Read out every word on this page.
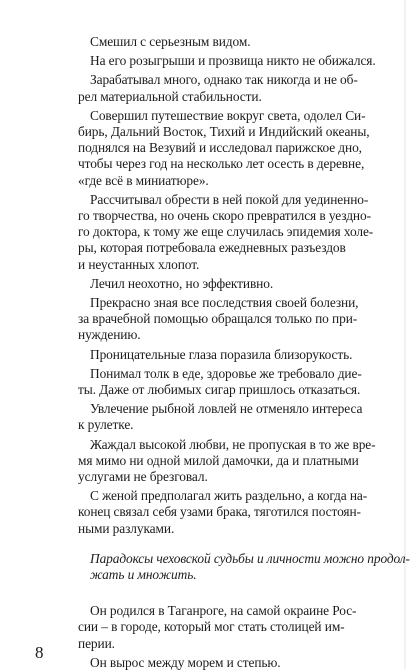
Смешил с серьезным видом.
На его розыгрыши и прозвища никто не обижался.
Зарабатывал много, однако так никогда и не об-
рел материальной стабильности.
Совершил путешествие вокруг света, одолел Си-
бирь, Дальний Восток, Тихий и Индийский океаны,
поднялся на Везувий и исследовал парижское дно,
чтобы через год на несколько лет осесть в деревне,
«где всё в миниатюре».
Рассчитывал обрести в ней покой для уединенно-
го творчества, но очень скоро превратился в уездно-
го доктора, к тому же еще случилась эпидемия холе-
ры, которая потребовала ежедневных разъездов
и неустанных хлопот.
Лечил неохотно, но эффективно.
Прекрасно зная все последствия своей болезни,
за врачебной помощью обращался только по при-
нуждению.
Проницательные глаза поразила близорукость.
Понимал толк в еде, здоровье же требовало дие-
ты. Даже от любимых сигар пришлось отказаться.
Увлечение рыбной ловлей не отменяло интереса
к рулетке.
Жаждал высокой любви, не пропуская в то же вре-
мя мимо ни одной милой дамочки, да и платными
услугами не брезговал.
С женой предполагал жить раздельно, а когда на-
конец связал себя узами брака, тяготился постоян-
ными разлуками.
Парадоксы чеховской судьбы и личности можно продол-
жать и множить.
Он родился в Таганроге, на самой окраине Рос-
сии – в городе, который мог стать столицей им-
перии.
Он вырос между морем и степью.
8
